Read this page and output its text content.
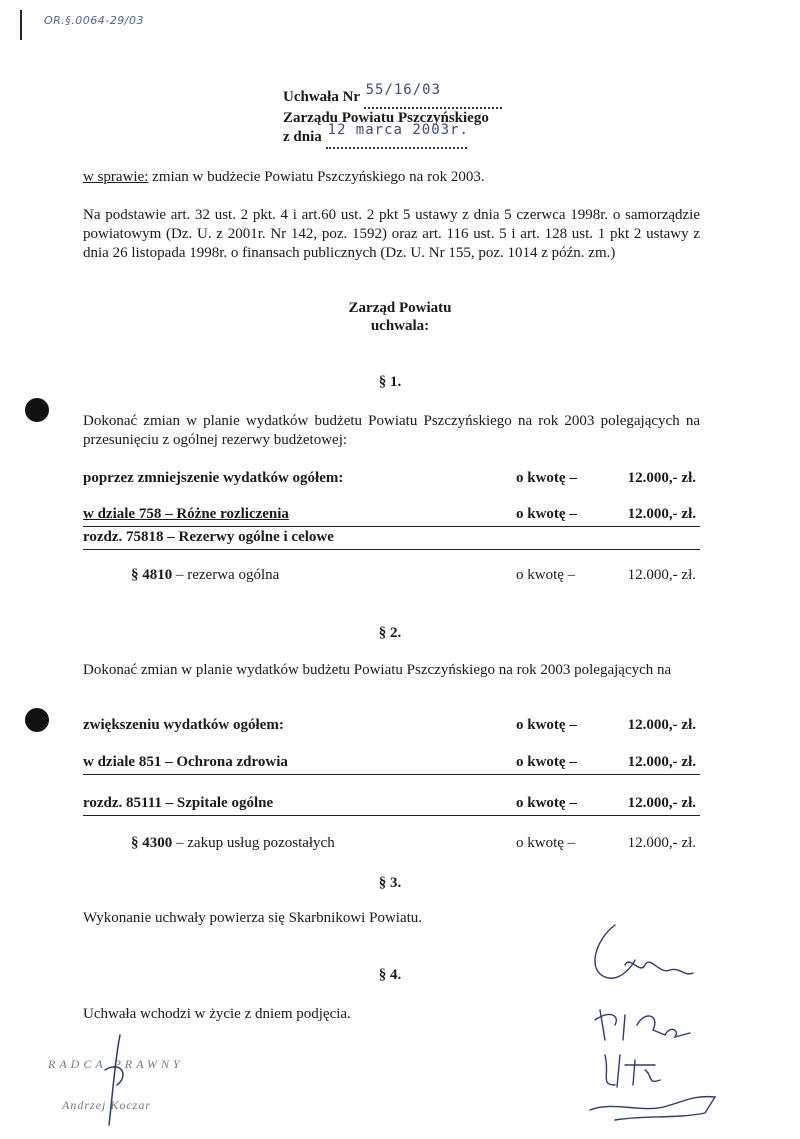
OR.§.0064-29/03
Uchwała Nr 55/16/03
Zarządu Powiatu Pszczyńskiego
z dnia 12 marca 2003r.
w sprawie: zmian w budżecie Powiatu Pszczyńskiego na rok 2003.
Na podstawie art. 32 ust. 2 pkt. 4 i art.60 ust. 2 pkt 5 ustawy z dnia 5 czerwca 1998r. o samorządzie powiatowym (Dz. U. z 2001r. Nr 142, poz. 1592) oraz art. 116 ust. 5 i art. 128 ust. 1 pkt 2 ustawy z dnia 26 listopada 1998r. o finansach publicznych (Dz. U. Nr 155, poz. 1014 z późn. zm.)
Zarząd Powiatu
uchwala:
§ 1.
Dokonać zmian w planie wydatków budżetu Powiatu Pszczyńskiego na rok 2003 polegających na przesunięciu z ogólnej rezerwy budżetowej:
poprzez zmniejszenie wydatków ogółem:	o kwotę –	12.000,- zł.
w dziale 758 – Różne rozliczenia	o kwotę –	12.000,- zł.
rozdz. 75818 – Rezerwy ogólne i celowe
§ 4810 – rezerwa ogólna	o kwotę –	12.000,- zł.
§ 2.
Dokonać zmian w planie wydatków budżetu Powiatu Pszczyńskiego na rok 2003 polegających na
zwiększeniu wydatków ogółem:	o kwotę –	12.000,- zł.
w dziale 851 – Ochrona zdrowia	o kwotę –	12.000,- zł.
rozdz. 85111 – Szpitale ogólne	o kwotę –	12.000,- zł.
§ 4300 – zakup usług pozostałych	o kwotę –	12.000,- zł.
§ 3.
Wykonanie uchwały powierza się Skarbnikowi Powiatu.
§ 4.
Uchwała wchodzi w życie z dniem podjęcia.
RADCA PRAWNY
Andrzej Koczar
